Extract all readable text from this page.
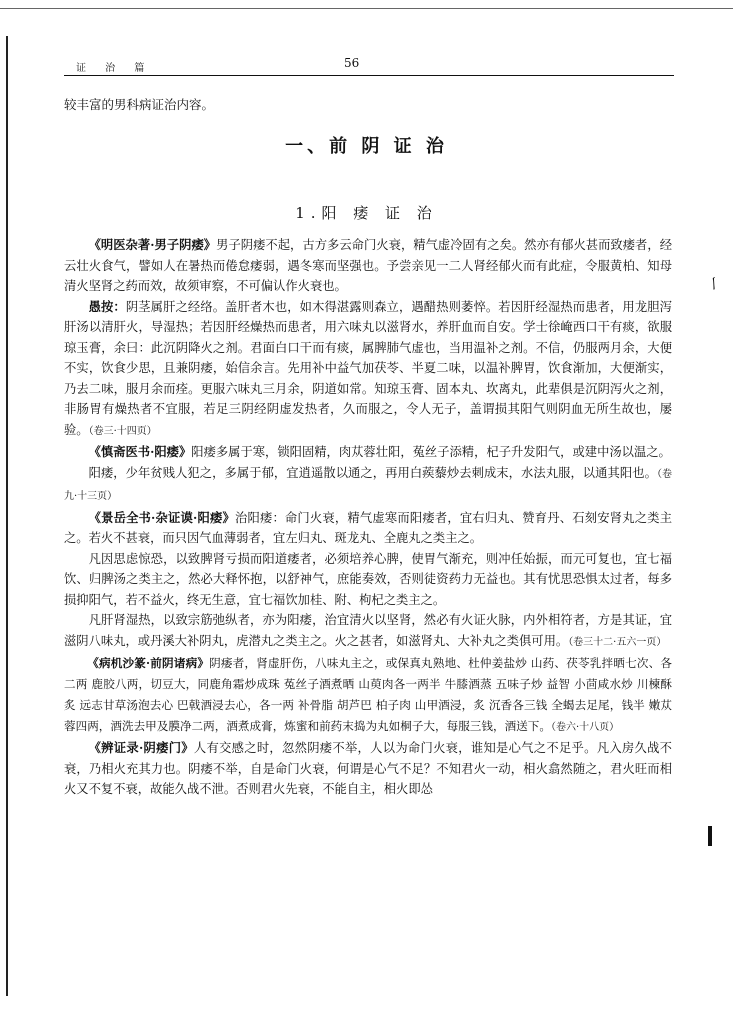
证 治 篇	56
较丰富的男科病证治内容。
一、前 阴 证 治
1.阳 痿 证 治

《明医杂著·男子阴痿》男子阴痿不起，古方多云命门火衰，精气虚冷固有之矣。然亦有郁火甚而致痿者，经云壮火食气，譬如人在暑热而倦怠痿弱，遇冬寒而坚强也。予尝亲见一二人肾经郁火而有此症，令服黄柏、知母清火坚肾之药而效，故须审察，不可偏认作火衰也。

愚按：阴茎属肝之经络。盖肝者木也，如木得湛露则森立，遇醋热则萎悴。若因肝经湿热而患者，用龙胆泻肝汤以清肝火，导湿热；若因肝经燥热而患者，用六味丸以滋肾水，养肝血而自安。学士徐崦西口干有痰，欲服琼玉膏，余曰：此沉阴降火之剂。君面白口干而有痰，属脾肺气虚也，当用温补之剂。不信，仍服两月余，大便不实，饮食少思，且兼阴痿，始信余言。先用补中益气加茯苓、半夏二味，以温补脾胃，饮食渐加，大便渐实，乃去二味，服月余而痊。更服六味丸三月余，阴道如常。知琼玉膏、固本丸、坎离丸，此辈俱是沉阴泻火之剂，非肠胃有燥热者不宜服，若足三阴经阴虚发热者，久而服之，令人无子，盖谓损其阳气则阴血无所生故也，屡验。（卷三·十四页）

《慎斋医书·阳痿》阳痿多属于寒，锁阳固精，肉苁蓉壮阳，菟丝子添精，杞子升发阳气，或建中汤以温之。

阳痿，少年贫贱人犯之，多属于郁，宜逍遥散以通之，再用白蒺藜炒去刺成末，水法丸服，以通其阳也。（卷九·十三页）

《景岳全书·杂证谟·阳痿》治阳痿：命门火衰，精气虚寒而阳痿者，宜右归丸、赞育丹、石刻安肾丸之类主之。若火不甚衰，而只因气血薄弱者，宜左归丸、斑龙丸、全鹿丸之类主之。

凡因思虑惊恐，以致脾肾亏损而阳道痿者，必须培养心脾，使胃气渐充，则冲任始振，而元可复也，宜七福饮、归脾汤之类主之，然必大释怀抱，以舒神气，庶能奏效，否则徒资药力无益也。其有忧思恐惧太过者，每多损抑阳气，若不益火，终无生意，宜七福饮加桂、附、枸杞之类主之。

凡肝肾湿热，以致宗筋弛纵者，亦为阳痿，治宜清火以坚肾，然必有火证火脉，内外相符者，方是其证，宜滋阴八味丸，或丹溪大补阴丸，虎潜丸之类主之。火之甚者，如滋肾丸、大补丸之类俱可用。（卷三十二·五六一页）

《病机沙篆·前阴诸病》阴痿者，肾虚肝伤，八味丸主之，或保真丸熟地、杜仲姜盐炒 山药、茯苓乳拌晒七次、各二两 鹿胶八两，切豆大，同鹿角霜炒成珠 菟丝子酒煮晒 山萸肉各一两半 牛膝酒蒸 五味子炒 益智 小茴咸水炒 川楝酥炙 远志甘草汤泡去心 巴戟酒浸去心，各一两 补骨脂 胡芦巴 柏子肉 山甲酒浸，炙 沉香各三钱 全蝎去足尾，钱半 嫩苁蓉四两，酒洗去甲及膜净二两，酒煮成膏，炼蜜和前药末捣为丸如桐子大，每服三钱，酒送下。（卷六·十八页）

《辨证录·阴痿门》人有交感之时，忽然阴痿不举，人以为命门火衰，谁知是心气之不足乎。凡入房久战不衰，乃相火充其力也。阴痿不举，自是命门火衰，何谓是心气不足？不知君火一动，相火翕然随之，君火旺而相火又不复不衰，故能久战不泄。否则君火先衰，不能自主，相火即怂

ー
